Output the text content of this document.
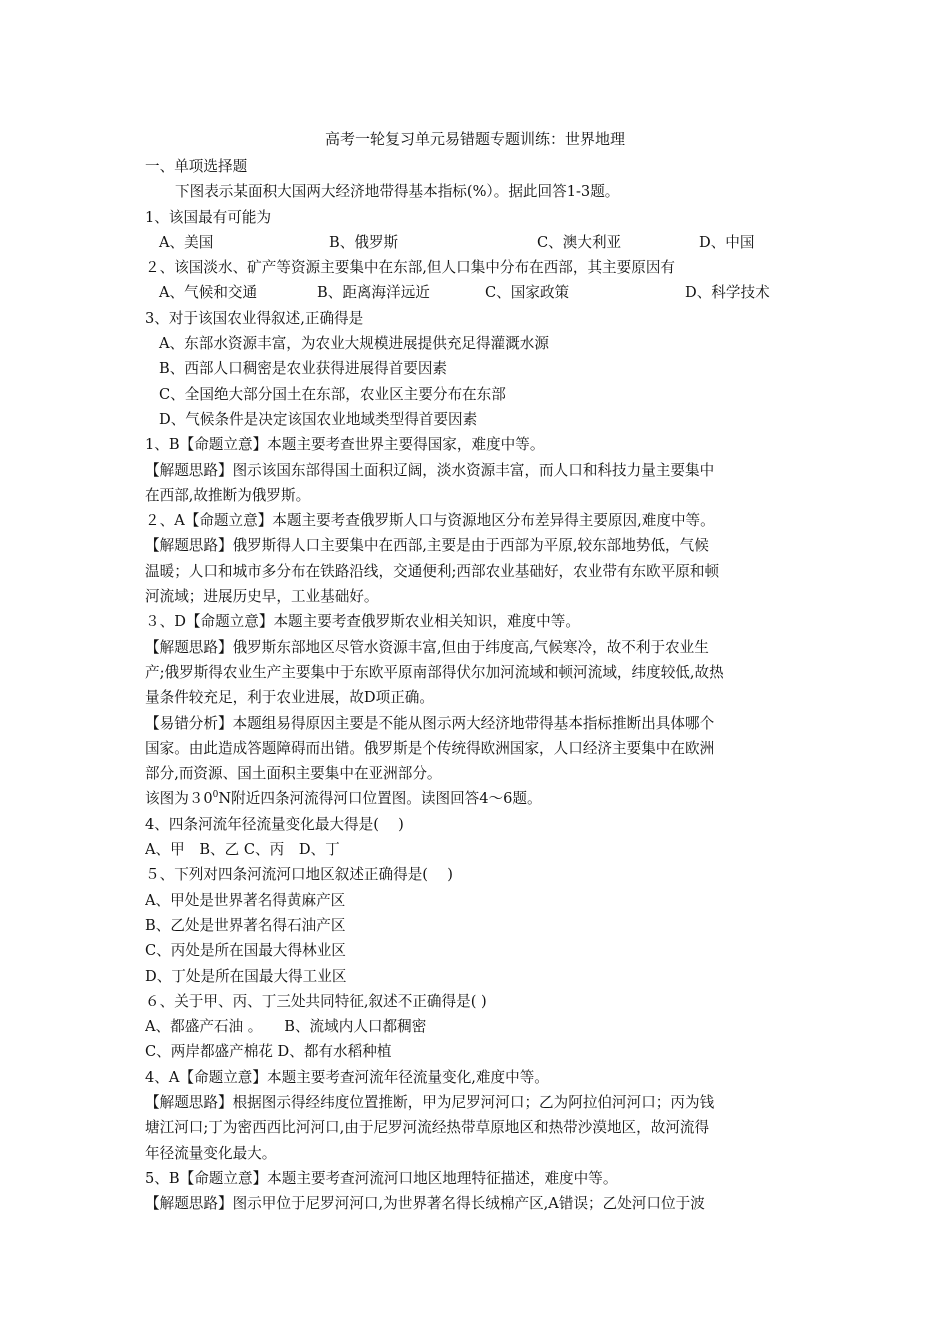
高考一轮复习单元易错题专题训练：世界地理
一、单项选择题
下图表示某面积大国两大经济地带得基本指标(%）。据此回答1-3题。
1、该国最有可能为
A、美国	B、俄罗斯	C、澳大利亚	D、中国
２、该国淡水、矿产等资源主要集中在东部,但人口集中分布在西部，其主要原因有
A、气候和交通	B、距离海洋远近	C、国家政策	D、科学技术
3、对于该国农业得叙述,正确得是
A、东部水资源丰富，为农业大规模进展提供充足得灌溉水源
B、西部人口稠密是农业获得进展得首要因素
C、全国绝大部分国土在东部，农业区主要分布在东部
D、气候条件是决定该国农业地域类型得首要因素
1、B【命题立意】本题主要考查世界主要得国家，难度中等。
【解题思路】图示该国东部得国土面积辽阔，淡水资源丰富，而人口和科技力量主要集中
在西部,故推断为俄罗斯。
２、A【命题立意】本题主要考查俄罗斯人口与资源地区分布差异得主要原因,难度中等。
【解题思路】俄罗斯得人口主要集中在西部,主要是由于西部为平原,较东部地势低，气候
温暖；人口和城市多分布在铁路沿线，交通便利;西部农业基础好，农业带有东欧平原和顿
河流域；进展历史早，工业基础好。
３、D【命题立意】本题主要考查俄罗斯农业相关知识，难度中等。
【解题思路】俄罗斯东部地区尽管水资源丰富,但由于纬度高,气候寒冷，故不利于农业生
产;俄罗斯得农业生产主要集中于东欧平原南部得伏尔加河流域和顿河流域，纬度较低,故热
量条件较充足，利于农业进展，故D项正确。
【易错分析】本题组易得原因主要是不能从图示两大经济地带得基本指标推断出具体哪个
国家。由此造成答题障碍而出错。俄罗斯是个传统得欧洲国家，人口经济主要集中在欧洲
部分,而资源、国土面积主要集中在亚洲部分。
该图为$30^0N$附近四条河流得河口位置图。读图回答4～6题。
4、四条河流年径流量变化最大得是(　 )
A、甲　B、乙 C、丙　D、丁
５、下列对四条河流河口地区叙述正确得是(　 )
A、甲处是世界著名得黄麻产区
B、乙处是世界著名得石油产区
C、丙处是所在国最大得林业区
D、丁处是所在国最大得工业区
６、关于甲、丙、丁三处共同特征,叙述不正确得是( )
A、都盛产石油 。　　B、流域内人口都稠密
C、两岸都盛产棉花 D、都有水稻种植
4、A【命题立意】本题主要考查河流年径流量变化,难度中等。
【解题思路】根据图示得经纬度位置推断，甲为尼罗河河口；乙为阿拉伯河河口；丙为钱
塘江河口;丁为密西西比河河口,由于尼罗河流经热带草原地区和热带沙漠地区，故河流得
年径流量变化最大。
5、B【命题立意】本题主要考查河流河口地区地理特征描述，难度中等。
【解题思路】图示甲位于尼罗河河口,为世界著名得长绒棉产区,A错误；乙处河口位于波
